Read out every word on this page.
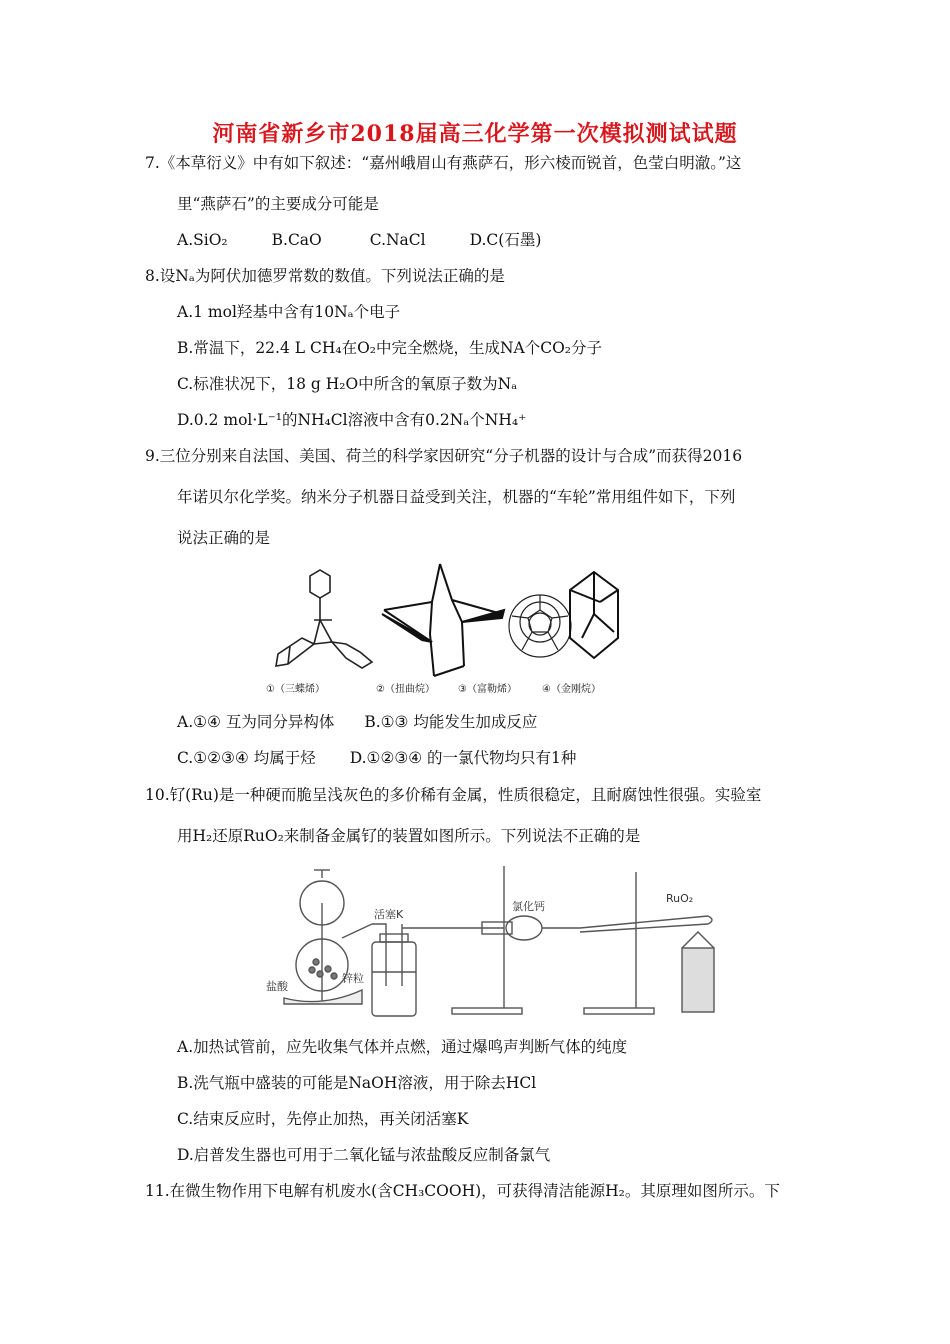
河南省新乡市2018届高三化学第一次模拟测试试题
7.《本草衍义》中有如下叙述：“嘉州峨眉山有燕萨石，形六棱而锐首，色莹白明澈。”这
里“燕萨石”的主要成分可能是
A.SiO₂	B.CaO	C.NaCl	D.C(石墨)
8.设Nₐ为阿伏加德罗常数的数值。下列说法正确的是
A.1 mol羟基中含有10Nₐ个电子
B.常温下，22.4 L CH₄在O₂中完全燃烧，生成NA个CO₂分子
C.标准状况下，18 g H₂O中所含的氧原子数为Nₐ
D.0.2 mol·L⁻¹的NH₄Cl溶液中含有0.2Nₐ个NH₄⁺
9.三位分别来自法国、美国、荷兰的科学家因研究“分子机器的设计与合成”而获得2016
年诺贝尔化学奖。纳米分子机器日益受到关注，机器的“车轮”常用组件如下，下列
说法正确的是
①（三蝶烯）	②（扭曲烷） ③（富勒烯）	④（金刚烷）
A.①④ 互为同分异构体 B.①③ 均能发生加成反应
C.①②③④ 均属于烃 D.①②③④ 的一氯代物均只有1种
10.钌(Ru)是一种硬而脆呈浅灰色的多价稀有金属，性质很稳定，且耐腐蚀性很强。实验室
用H₂还原RuO₂来制备金属钌的装置如图所示。下列说法不正确的是
活塞K
盐酸
锌粒
氯化钙
RuO₂
A.加热试管前，应先收集气体并点燃，通过爆鸣声判断气体的纯度
B.洗气瓶中盛装的可能是NaOH溶液，用于除去HCl
C.结束反应时，先停止加热，再关闭活塞K
D.启普发生器也可用于二氧化锰与浓盐酸反应制备氯气
11.在微生物作用下电解有机废水(含CH₃COOH)，可获得清洁能源H₂。其原理如图所示。下
